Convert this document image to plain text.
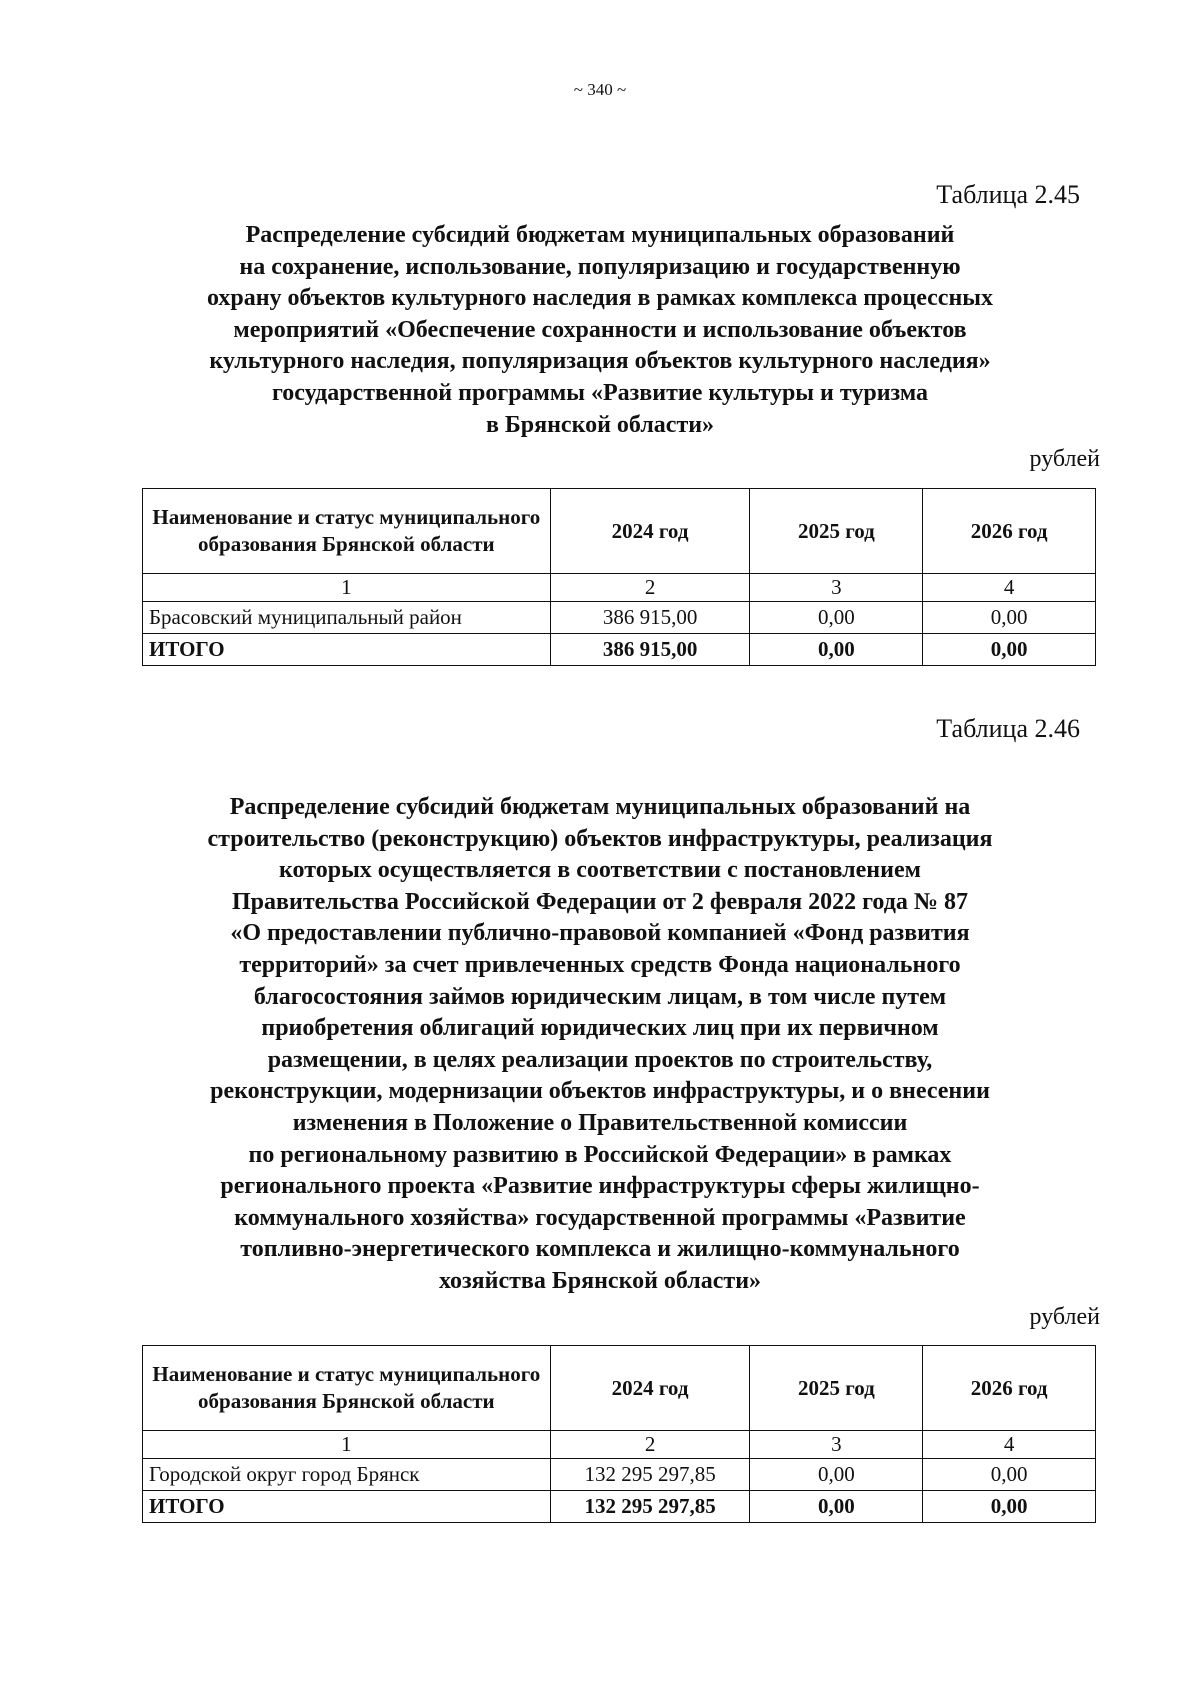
~ 340 ~
Таблица 2.45
Распределение субсидий бюджетам муниципальных образований
на сохранение, использование, популяризацию и государственную
охрану объектов культурного наследия в рамках комплекса процессных
мероприятий «Обеспечение сохранности и использование объектов
культурного наследия, популяризация объектов культурного наследия»
государственной программы «Развитие культуры и туризма
в Брянской области»
рублей
Наименование и статус муниципального образования Брянской области	2024 год	2025 год	2026 год
1	2	3	4
Брасовский муниципальный район	386 915,00	0,00	0,00
ИТОГО	386 915,00	0,00	0,00
Таблица 2.46
Распределение субсидий бюджетам муниципальных образований на
строительство (реконструкцию) объектов инфраструктуры, реализация
которых осуществляется в соответствии с постановлением
Правительства Российской Федерации от 2 февраля 2022 года № 87
«О предоставлении публично-правовой компанией «Фонд развития
территорий» за счет привлеченных средств Фонда национального
благосостояния займов юридическим лицам, в том числе путем
приобретения облигаций юридических лиц при их первичном
размещении, в целях реализации проектов по строительству,
реконструкции, модернизации объектов инфраструктуры, и о внесении
изменения в Положение о Правительственной комиссии
по региональному развитию в Российской Федерации» в рамках
регионального проекта «Развитие инфраструктуры сферы жилищно-
коммунального хозяйства» государственной программы «Развитие
топливно-энергетического комплекса и жилищно-коммунального
хозяйства Брянской области»
рублей
Наименование и статус муниципального образования Брянской области	2024 год	2025 год	2026 год
1	2	3	4
Городской округ город Брянск	132 295 297,85	0,00	0,00
ИТОГО	132 295 297,85	0,00	0,00
